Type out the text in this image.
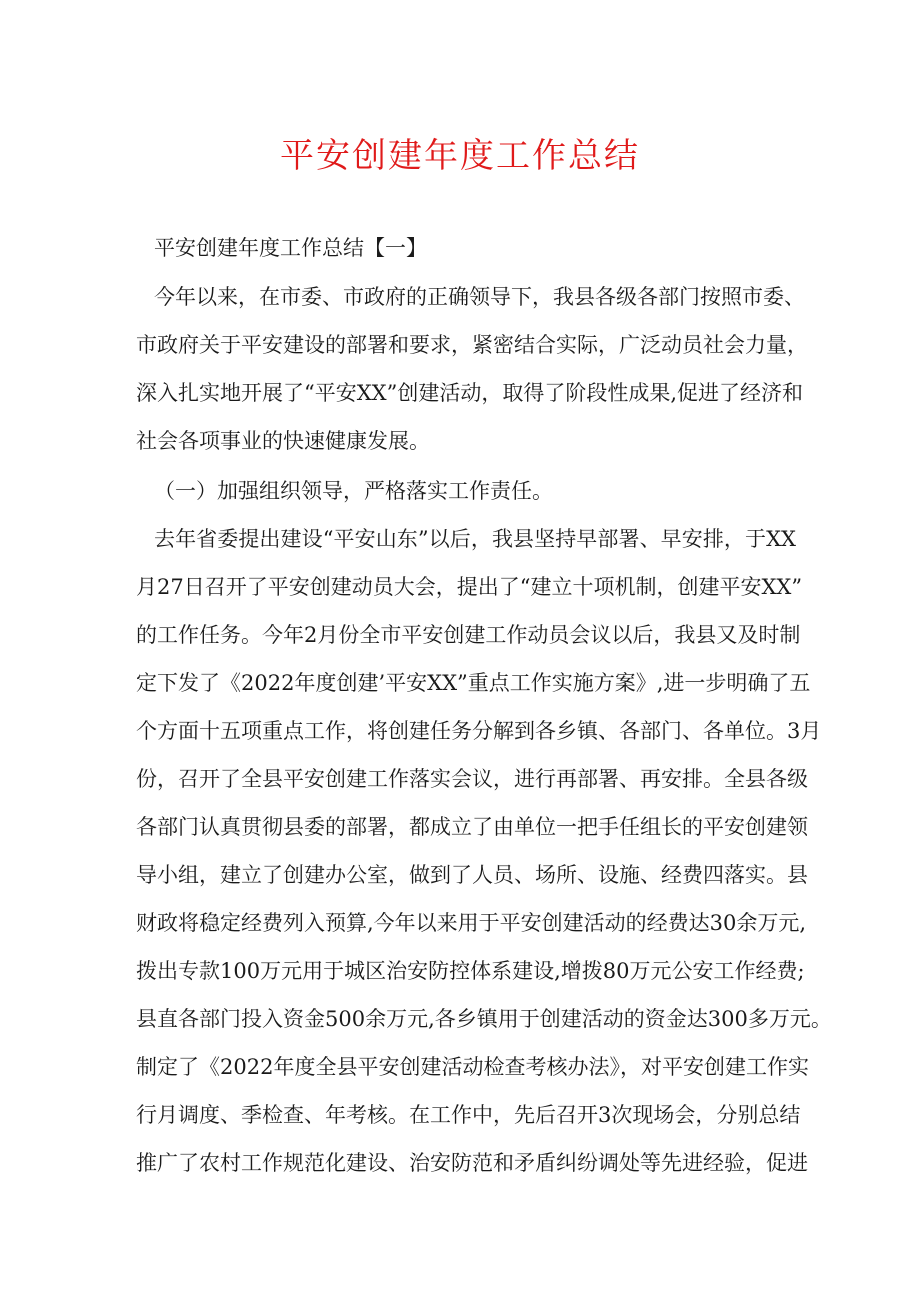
平安创建年度工作总结

平安创建年度工作总结【一】

今年以来，在市委、市政府的正确领导下，我县各级各部门按照市委、

市政府关于平安建设的部署和要求，紧密结合实际，广泛动员社会力量，

深入扎实地开展了“平安XX”创建活动，取得了阶段性成果,促进了经济和

社会各项事业的快速健康发展。

（一）加强组织领导，严格落实工作责任。

去年省委提出建设“平安山东”以后，我县坚持早部署、早安排，于XX

月27日召开了平安创建动员大会，提出了“建立十项机制，创建平安XX”

的工作任务。今年2月份全市平安创建工作动员会议以后，我县又及时制

定下发了《2022年度创建’平安XX”重点工作实施方案》,进一步明确了五

个方面十五项重点工作，将创建任务分解到各乡镇、各部门、各单位。3月

份，召开了全县平安创建工作落实会议，进行再部署、再安排。全县各级

各部门认真贯彻县委的部署，都成立了由单位一把手任组长的平安创建领

导小组，建立了创建办公室，做到了人员、场所、设施、经费四落实。县

财政将稳定经费列入预算,今年以来用于平安创建活动的经费达30余万元,

拨出专款100万元用于城区治安防控体系建设,增拨80万元公安工作经费;

县直各部门投入资金500余万元,各乡镇用于创建活动的资金达300多万元。

制定了《2022年度全县平安创建活动检查考核办法》，对平安创建工作实

行月调度、季检查、年考核。在工作中，先后召开3次现场会，分别总结

推广了农村工作规范化建设、治安防范和矛盾纠纷调处等先进经验，促进
